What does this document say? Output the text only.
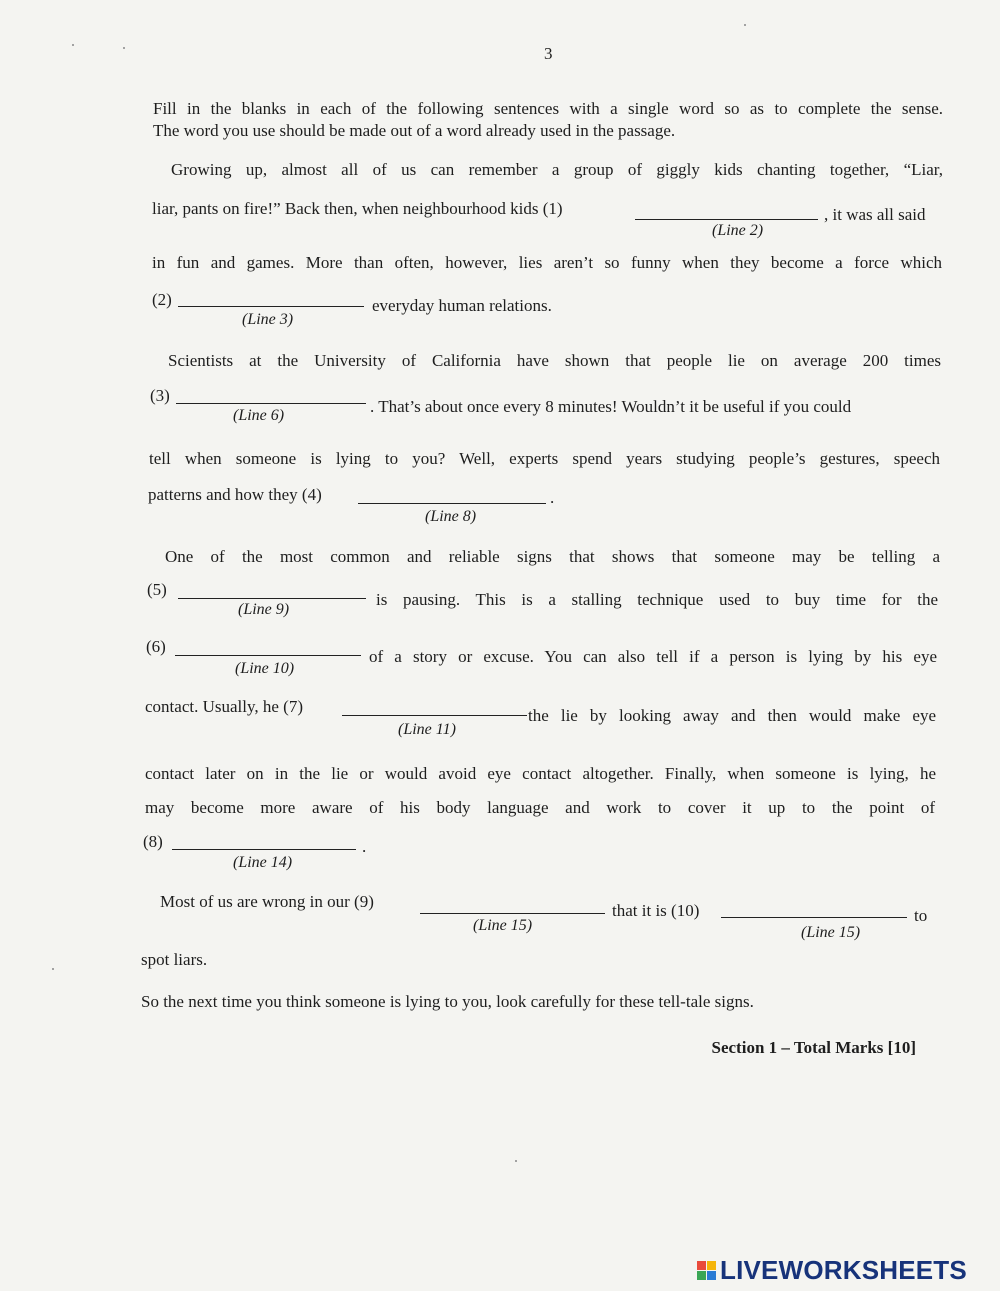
3
Fill in the blanks in each of the following sentences with a single word so as to complete the sense.
The word you use should be made out of a word already used in the passage.
Growing up, almost all of us can remember a group of giggly kids chanting together, “Liar,
liar, pants on fire!” Back then, when neighbourhood kids (1)	, it was all said
(Line 2)
in fun and games. More than often, however, lies aren’t so funny when they become a force which
(2)	everyday human relations.
(Line 3)
Scientists at the University of California have shown that people lie on average 200 times
(3)
. That’s about once every 8 minutes! Wouldn’t it be useful if you could
(Line 6)
tell when someone is lying to you? Well, experts spend years studying people’s gestures, speech
patterns and how they (4)	.
(Line 8)
One of the most common and reliable signs that shows that someone may be telling a
(5)
is pausing. This is a stalling technique used to buy time for the
(Line 9)
(6)
of a story or excuse. You can also tell if a person is lying by his eye
(Line 10)
contact. Usually, he (7)	the lie by looking away and then would make eye
(Line 11)
contact later on in the lie or would avoid eye contact altogether. Finally, when someone is lying, he
may become more aware of his body language and work to cover it up to the point of
(8)	.
(Line 14)
Most of us are wrong in our (9)	that it is (10)	to
(Line 15)	(Line 15)
spot liars.
So the next time you think someone is lying to you, look carefully for these tell-tale signs.
Section 1 – Total Marks [10]
LIVEWORKSHEETS
